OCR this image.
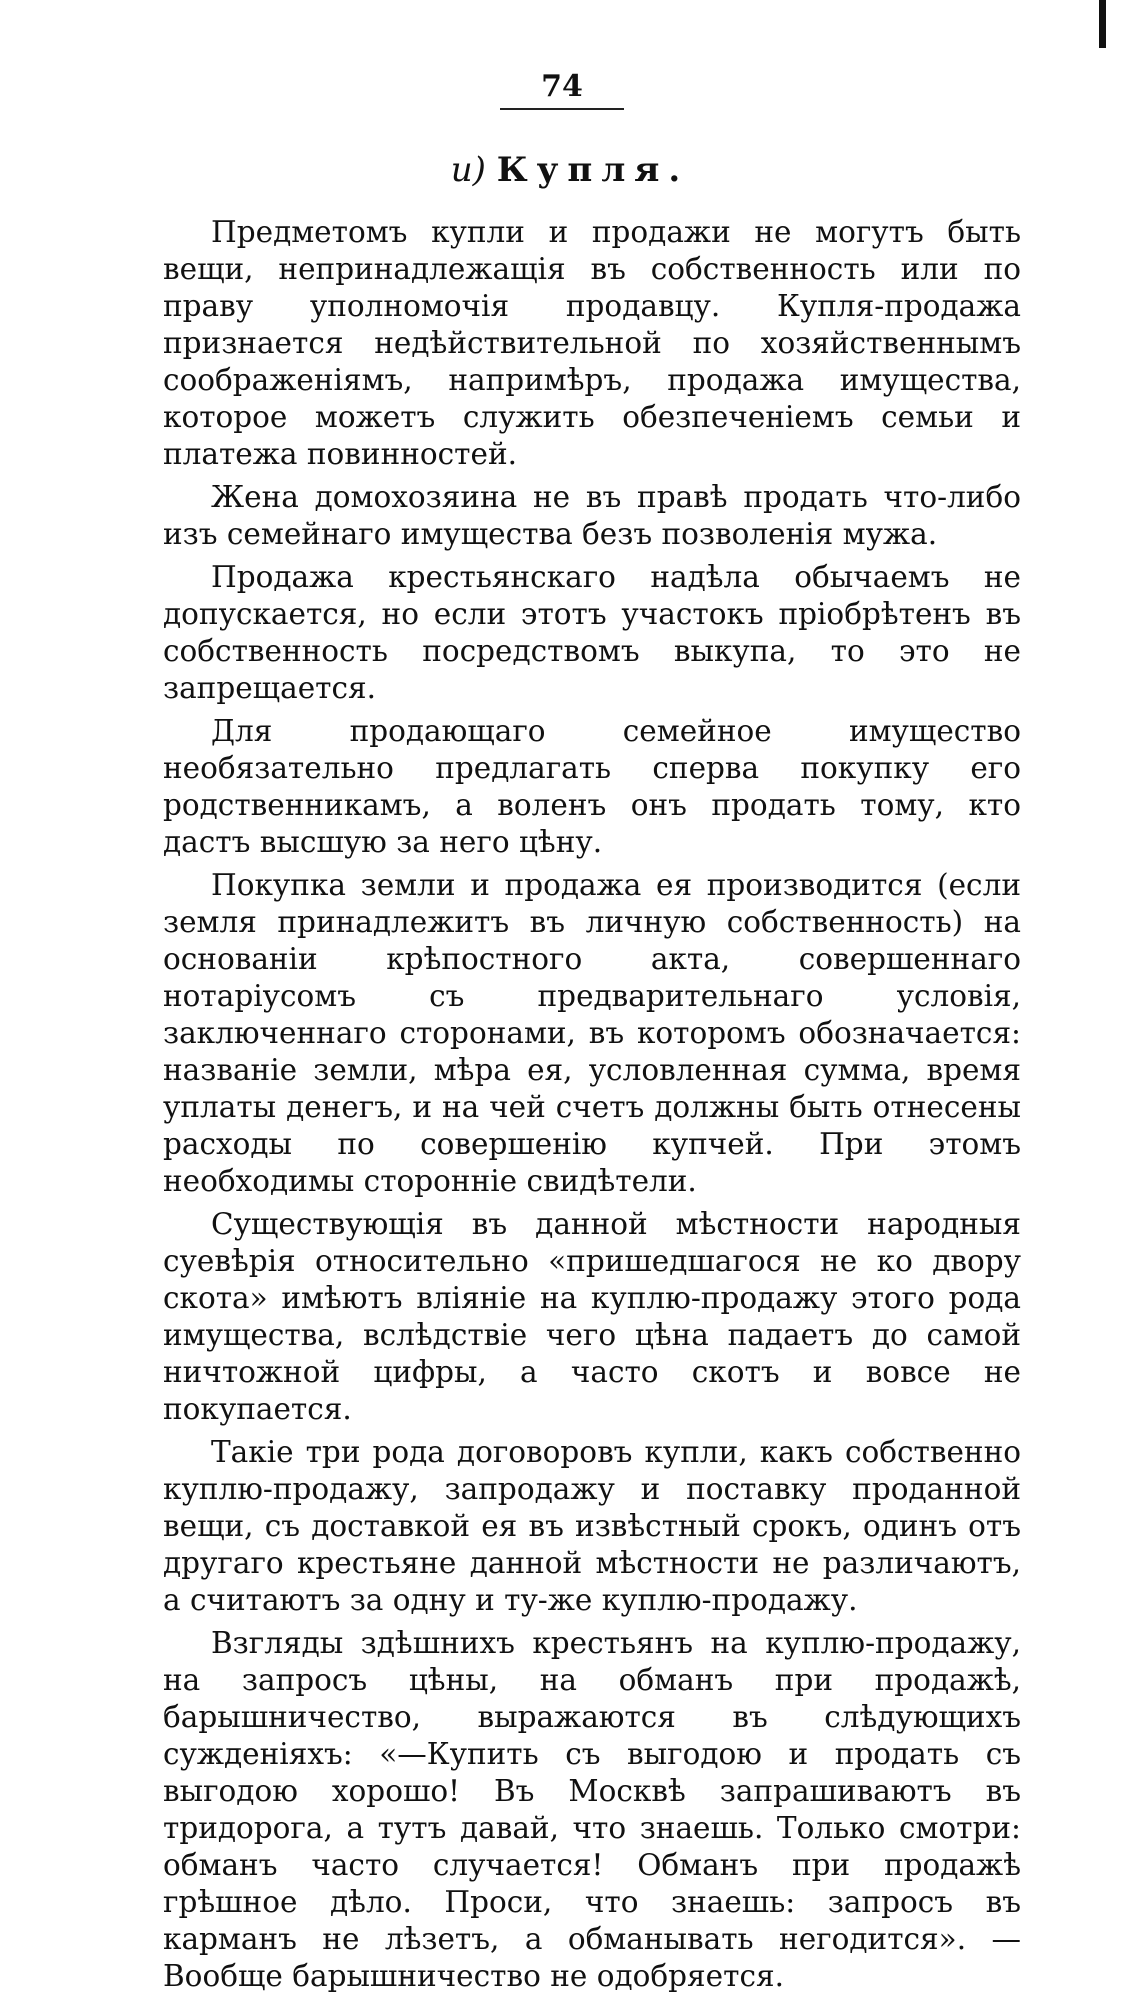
74
и) Купля.

Предметомъ купли и продажи не могутъ быть вещи, непринадлежащія въ собственность или по праву уполномочія продавцу. Купля-продажа признается недѣйствительной по хозяйственнымъ соображеніямъ, напримѣръ, продажа имущества, которое можетъ служить обезпеченіемъ семьи и платежа повинностей.

Жена домохозяина не въ правѣ продать что-либо изъ семейнаго имущества безъ позволенія мужа.

Продажа крестьянскаго надѣла обычаемъ не допускается, но если этотъ участокъ пріобрѣтенъ въ собственность посредствомъ выкупа, то это не запрещается.

Для продающаго семейное имущество необязательно предлагать сперва покупку его родственникамъ, а воленъ онъ продать тому, кто дастъ высшую за него цѣну.

Покупка земли и продажа ея производится (если земля принадлежитъ въ личную собственность) на основаніи крѣпостного акта, совершеннаго нотаріусомъ съ предварительнаго условія, заключеннаго сторонами, въ которомъ обозначается: названіе земли, мѣра ея, условленная сумма, время уплаты денегъ, и на чей счетъ должны быть отнесены расходы по совершенію купчей. При этомъ необходимы сторонніе свидѣтели.

Существующія въ данной мѣстности народныя суевѣрія относительно «пришедшагося не ко двору скота» имѣютъ вліяніе на куплю-продажу этого рода имущества, вслѣдствіе чего цѣна падаетъ до самой ничтожной цифры, а часто скотъ и вовсе не покупается.

Такіе три рода договоровъ купли, какъ собственно куплю-продажу, запродажу и поставку проданной вещи, съ доставкой ея въ извѣстный срокъ, одинъ отъ другаго крестьяне данной мѣстности не различаютъ, а считаютъ за одну и ту-же куплю-продажу.

Взгляды здѣшнихъ крестьянъ на куплю-продажу, на запросъ цѣны, на обманъ при продажѣ, барышничество, выражаются въ слѣдующихъ сужденіяхъ: «—Купить съ выгодою и продать съ выгодою хорошо! Въ Москвѣ запрашиваютъ въ тридорога, а тутъ давай, что знаешь. Только смотри: обманъ часто случается! Обманъ при продажѣ грѣшное дѣло. Проси, что знаешь: запросъ въ карманъ не лѣзетъ, а обманывать негодится». —Вообще барышничество не одобряется.
